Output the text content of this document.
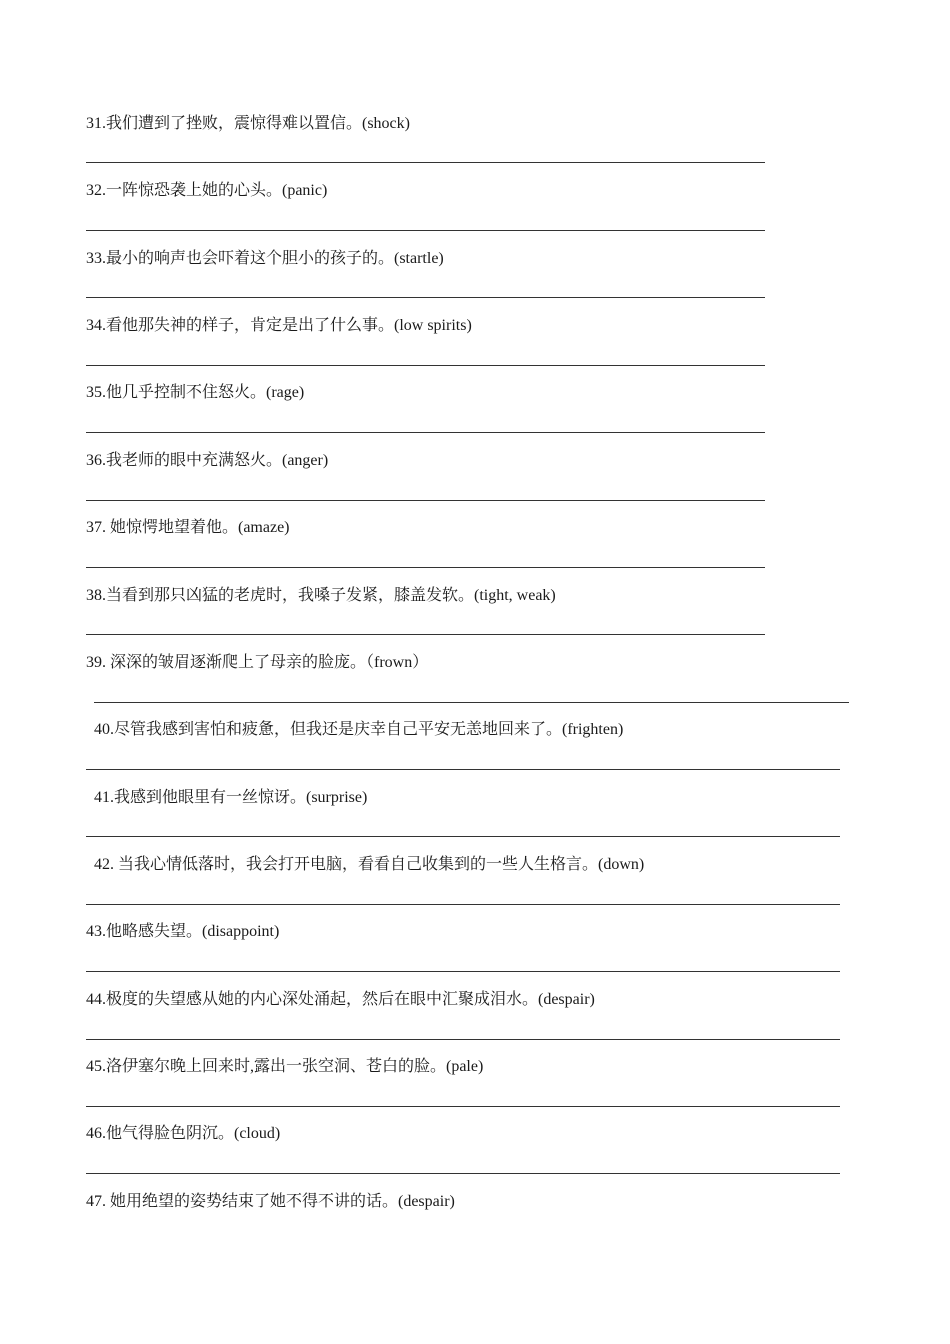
31.我们遭到了挫败，震惊得难以置信。(shock)
32.一阵惊恐袭上她的心头。(panic)
33.最小的响声也会吓着这个胆小的孩子的。(startle)
34.看他那失神的样子，肯定是出了什么事。(low spirits)
35.他几乎控制不住怒火。(rage)
36.我老师的眼中充满怒火。(anger)
37. 她惊愕地望着他。(amaze)
38.当看到那只凶猛的老虎时，我嗓子发紧，膝盖发软。(tight, weak)
39. 深深的皱眉逐渐爬上了母亲的脸庞。（frown）
40.尽管我感到害怕和疲惫，但我还是庆幸自己平安无恙地回来了。(frighten)
41.我感到他眼里有一丝惊讶。(surprise)
42. 当我心情低落时，我会打开电脑，看看自己收集到的一些人生格言。(down)
43.他略感失望。(disappoint)
44.极度的失望感从她的内心深处涌起，然后在眼中汇聚成泪水。(despair)
45.洛伊塞尔晚上回来时,露出一张空洞、苍白的脸。(pale)
46.他气得脸色阴沉。(cloud)
47. 她用绝望的姿势结束了她不得不讲的话。(despair)
